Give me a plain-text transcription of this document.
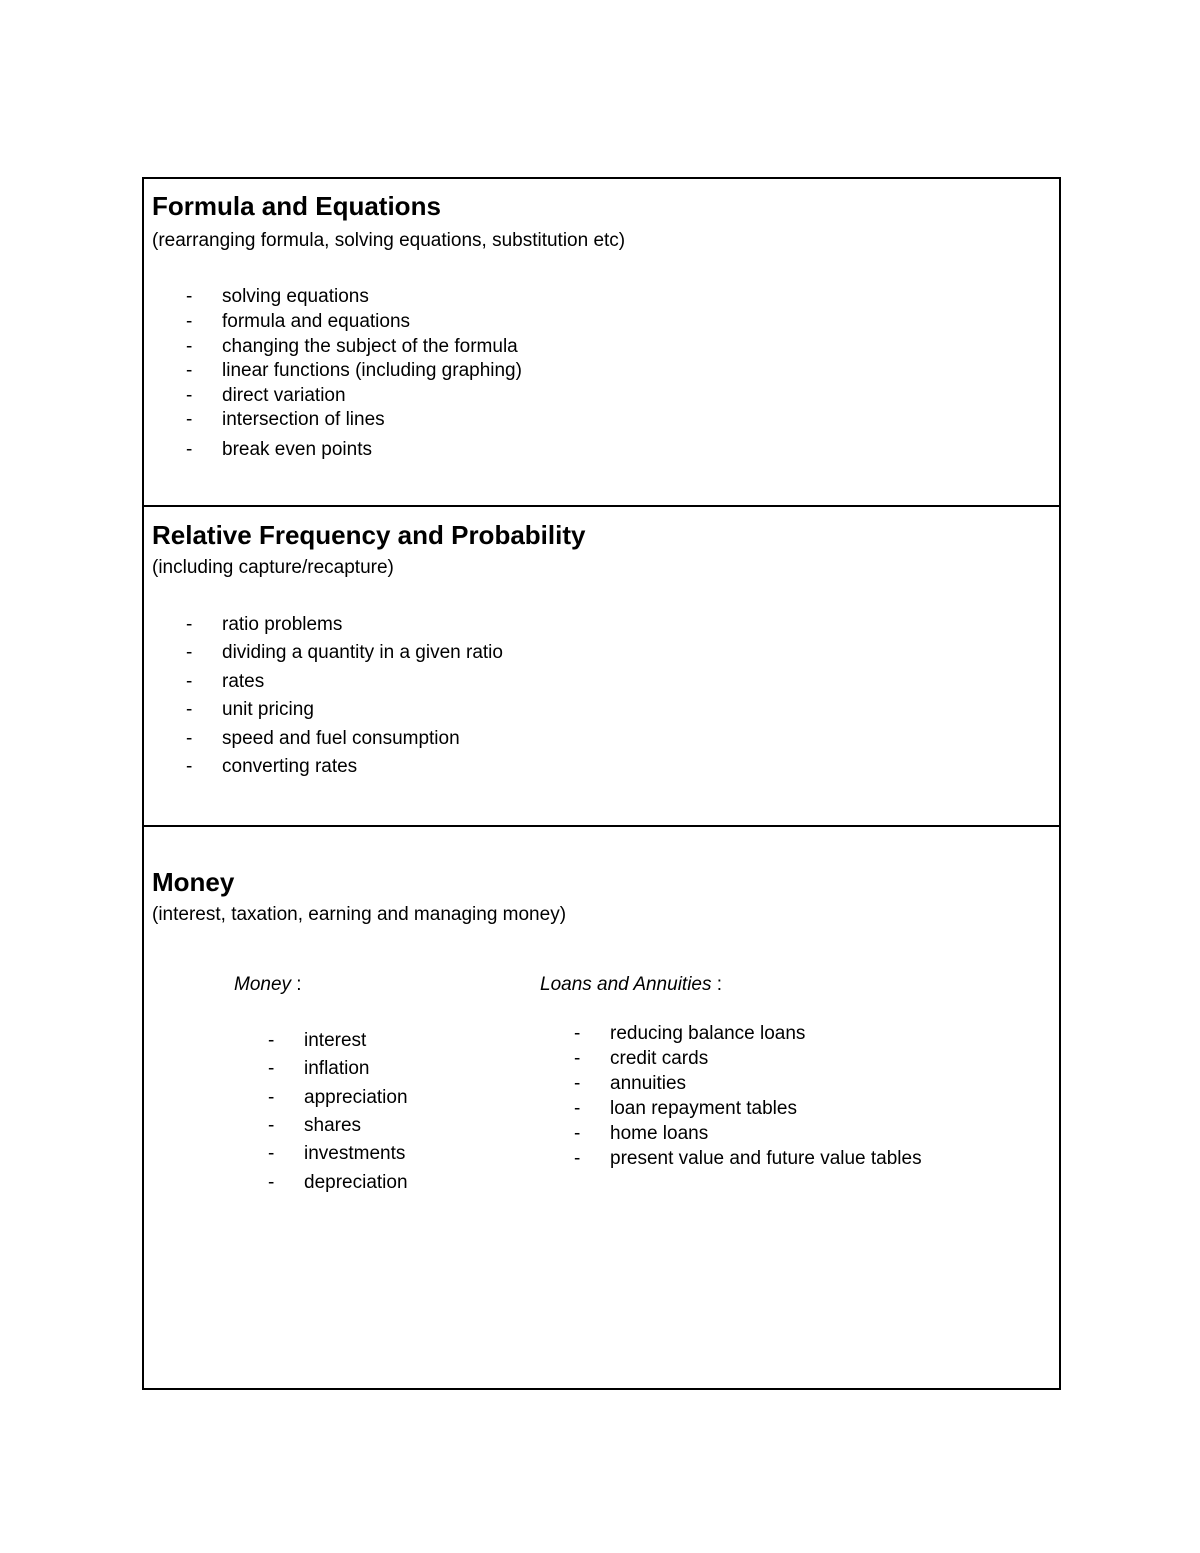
Formula and Equations
(rearranging formula, solving equations, substitution etc)
- solving equations
- formula and equations
- changing the subject of the formula
- linear functions (including graphing)
- direct variation
- intersection of lines
- break even points
Relative Frequency and Probability
(including capture/recapture)
- ratio problems
- dividing a quantity in a given ratio
- rates
- unit pricing
- speed and fuel consumption
- converting rates
Money
(interest, taxation, earning and managing money)
Money :
- interest
- inflation
- appreciation
- shares
- investments
- depreciation
Loans and Annuities :
- reducing balance loans
- credit cards
- annuities
- loan repayment tables
- home loans
- present value and future value tables
